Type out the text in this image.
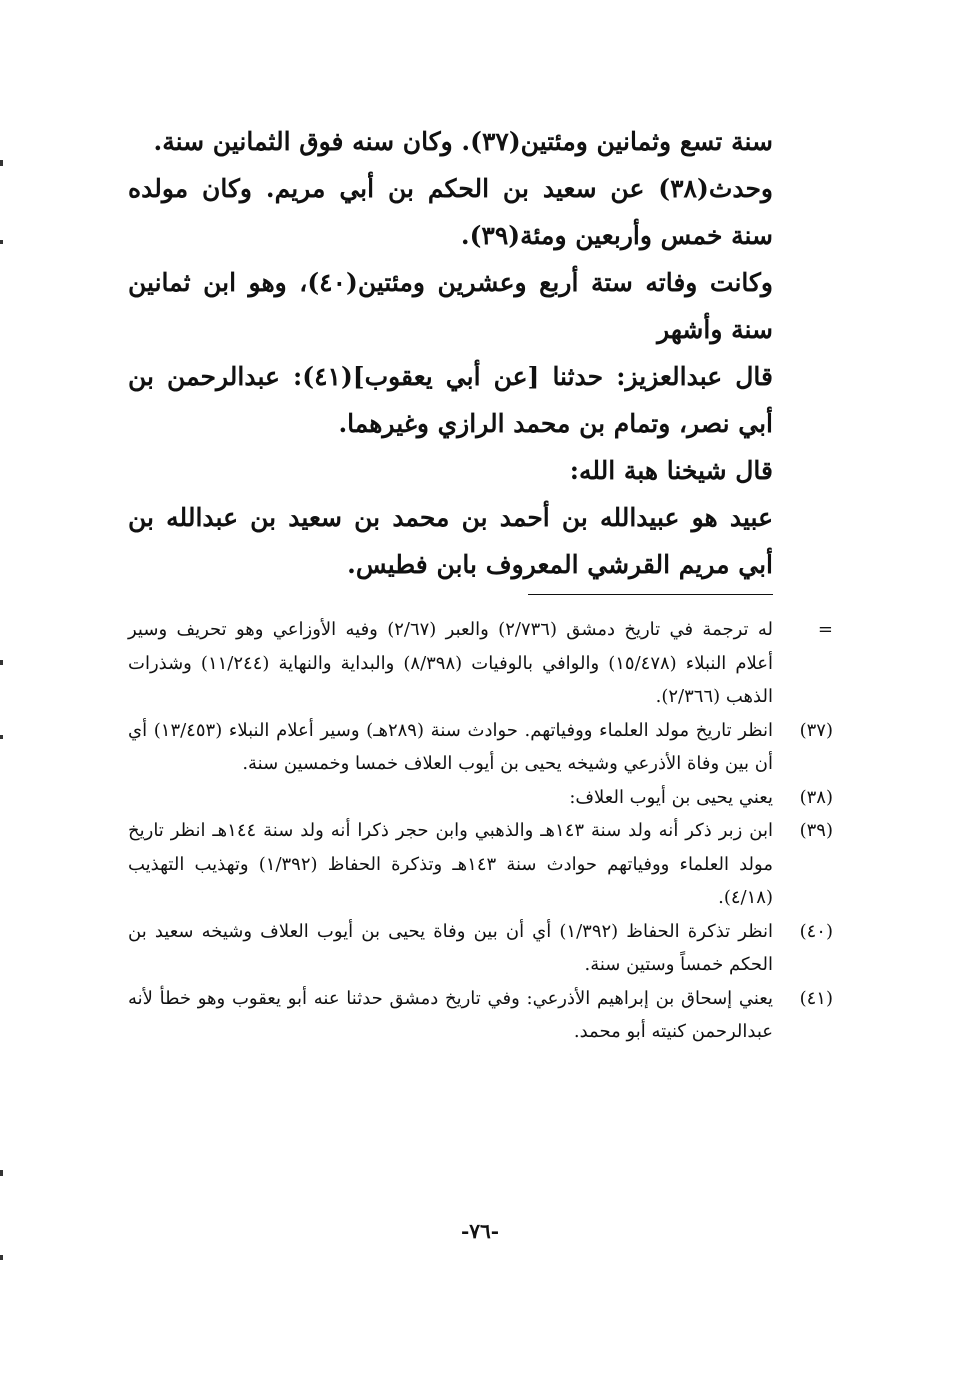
سنة تسع وثمانين ومئتين(٣٧). وكان سنه فوق الثمانين سنة.

وحدث(٣٨) عن سعيد بن الحكم بن أبي مريم. وكان مولده سنة خمس وأربعين ومئة(٣٩).

وكانت وفاته ستة أربع وعشرين ومئتين(٤٠)، وهو ابن ثمانين سنة وأشهر

قال عبدالعزيز: حدثنا [عن أبي يعقوب](٤١): عبدالرحمن بن أبي نصر، وتمام بن محمد الرازي وغيرهما.

قال شيخنا هبة الله:

عبيد هو عبيدالله بن أحمد بن محمد بن سعيد بن عبدالله بن أبي مريم القرشي المعروف بابن فطيس.

=
له ترجمة في تاريخ دمشق (٢/٧٣٦) والعبر (٢/٦٧) وفيه الأوزاعي وهو تحريف وسير أعلام النبلاء (١٥/٤٧٨) والوافي بالوفيات (٨/٣٩٨) والبداية والنهاية (١١/٢٤٤) وشذرات الذهب (٢/٣٦٦).
(٣٧)
انظر تاريخ مولد العلماء ووفياتهم. حوادث سنة (٢٨٩هـ) وسير أعلام النبلاء (١٣/٤٥٣) أي أن بين وفاة الأذرعي وشيخه يحيى بن أيوب العلاف خمسا وخمسين سنة.
(٣٨)
يعني يحيى بن أيوب العلاف:
(٣٩)
ابن زبر ذكر أنه ولد سنة ١٤٣هـ والذهبي وابن حجر ذكرا أنه ولد سنة ١٤٤هـ انظر تاريخ مولد العلماء ووفياتهم حوادث سنة ١٤٣هـ وتذكرة الحفاظ (١/٣٩٢) وتهذيب التهذيب (٤/١٨).
(٤٠)
انظر تذكرة الحفاظ (١/٣٩٢) أي أن بين وفاة يحيى بن أيوب العلاف وشيخه سعيد بن الحكم خمساً وستين سنة.
(٤١)
يعني إسحاق بن إبراهيم الأذرعي: وفي تاريخ دمشق حدثنا عنه أبو يعقوب وهو خطأ لأنه عبدالرحمن كنيته أبو محمد.
-٧٦-
